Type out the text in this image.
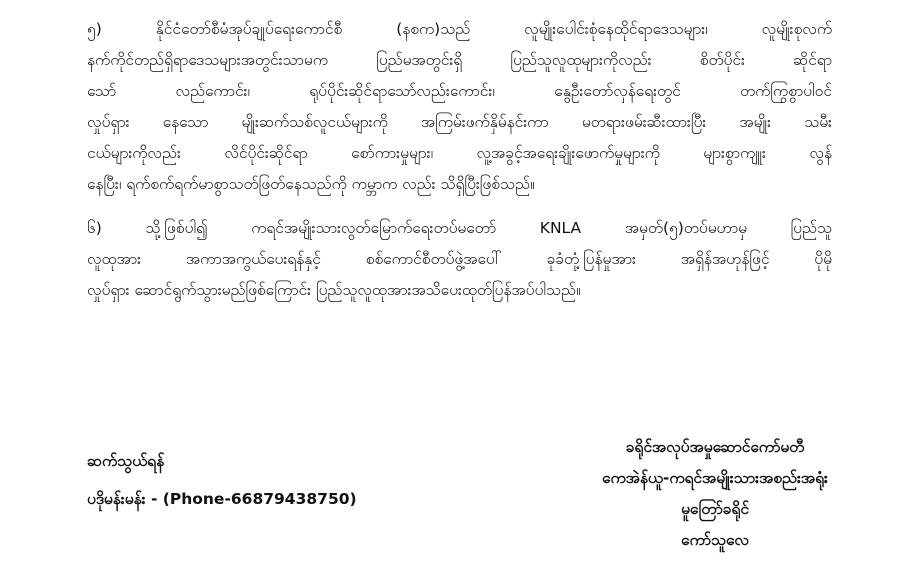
၅) နိုင်ငံတော်စီမံအုပ်ချုပ်ရေးကောင်စီ (နစက)သည် လူမျိုးပေါင်းစုံနေထိုင်ရာဒေသများ၊ လူမျိုးစုလက်
နက်ကိုင်တည်ရှိရာဒေသများအတွင်းသာမက ပြည်မအတွင်းရှိ ပြည်သူလူထုများကိုလည်း စိတ်ပိုင်း ဆိုင်ရာ
သော် လည်ကောင်း၊ ရုပ်ပိုင်းဆိုင်ရာသော်လည်းကောင်း၊ နွေဦးတော်လှန်ရေးတွင် တက်ကြွစွာပါဝင်
လှုပ်ရှား နေသော မျိုးဆက်သစ်လူငယ်များကို အကြမ်းဖက်နှိမ်နင်းကာ မတရားဖမ်းဆီးထားပြီး အမျိုး သမီး
ငယ်များကိုလည်း လိင်ပိုင်းဆိုင်ရာ စော်ကားမှုများ၊ လူ့အခွင့်အရေးချိုးဖောက်မှုများကို များစွာကျူး လွန်
နေပြီး၊ ရက်စက်ရက်မာစွာသတ်ဖြတ်နေသည်ကို ကမ္ဘာက လည်း သိရှိပြီးဖြစ်သည်။
၆) သို့ဖြစ်ပါ၍ ကရင်အမျိုးသားလွတ်မြောက်ရေးတပ်မတော် KNLA အမှတ်(၅)တပ်မဟာမှ ပြည်သူ
လူထုအား အကာအကွယ်ပေးရန်နှင့် စစ်ကောင်စီတပ်ဖွဲ့အပေါ် ခုခံတုံ့ပြန်မှုအား အရှိန်အဟုန်ဖြင့် ပိုမို
လှုပ်ရှား ဆောင်ရွက်သွားမည်ဖြစ်ကြောင်း ပြည်သူလူထုအားအသိပေးထုတ်ပြန်အပ်ပါသည်။
ဆက်သွယ်ရန်
ပဒိုမန်းမန်း - (Phone-66879438750)
ခရိုင်အလုပ်အမှုဆောင်ကော်မတီ
ကေအဲန်ယူ-ကရင်အမျိုးသားအစည်းအရုံး
မူတြော်ခရိုင်
ကော်သူလေ
